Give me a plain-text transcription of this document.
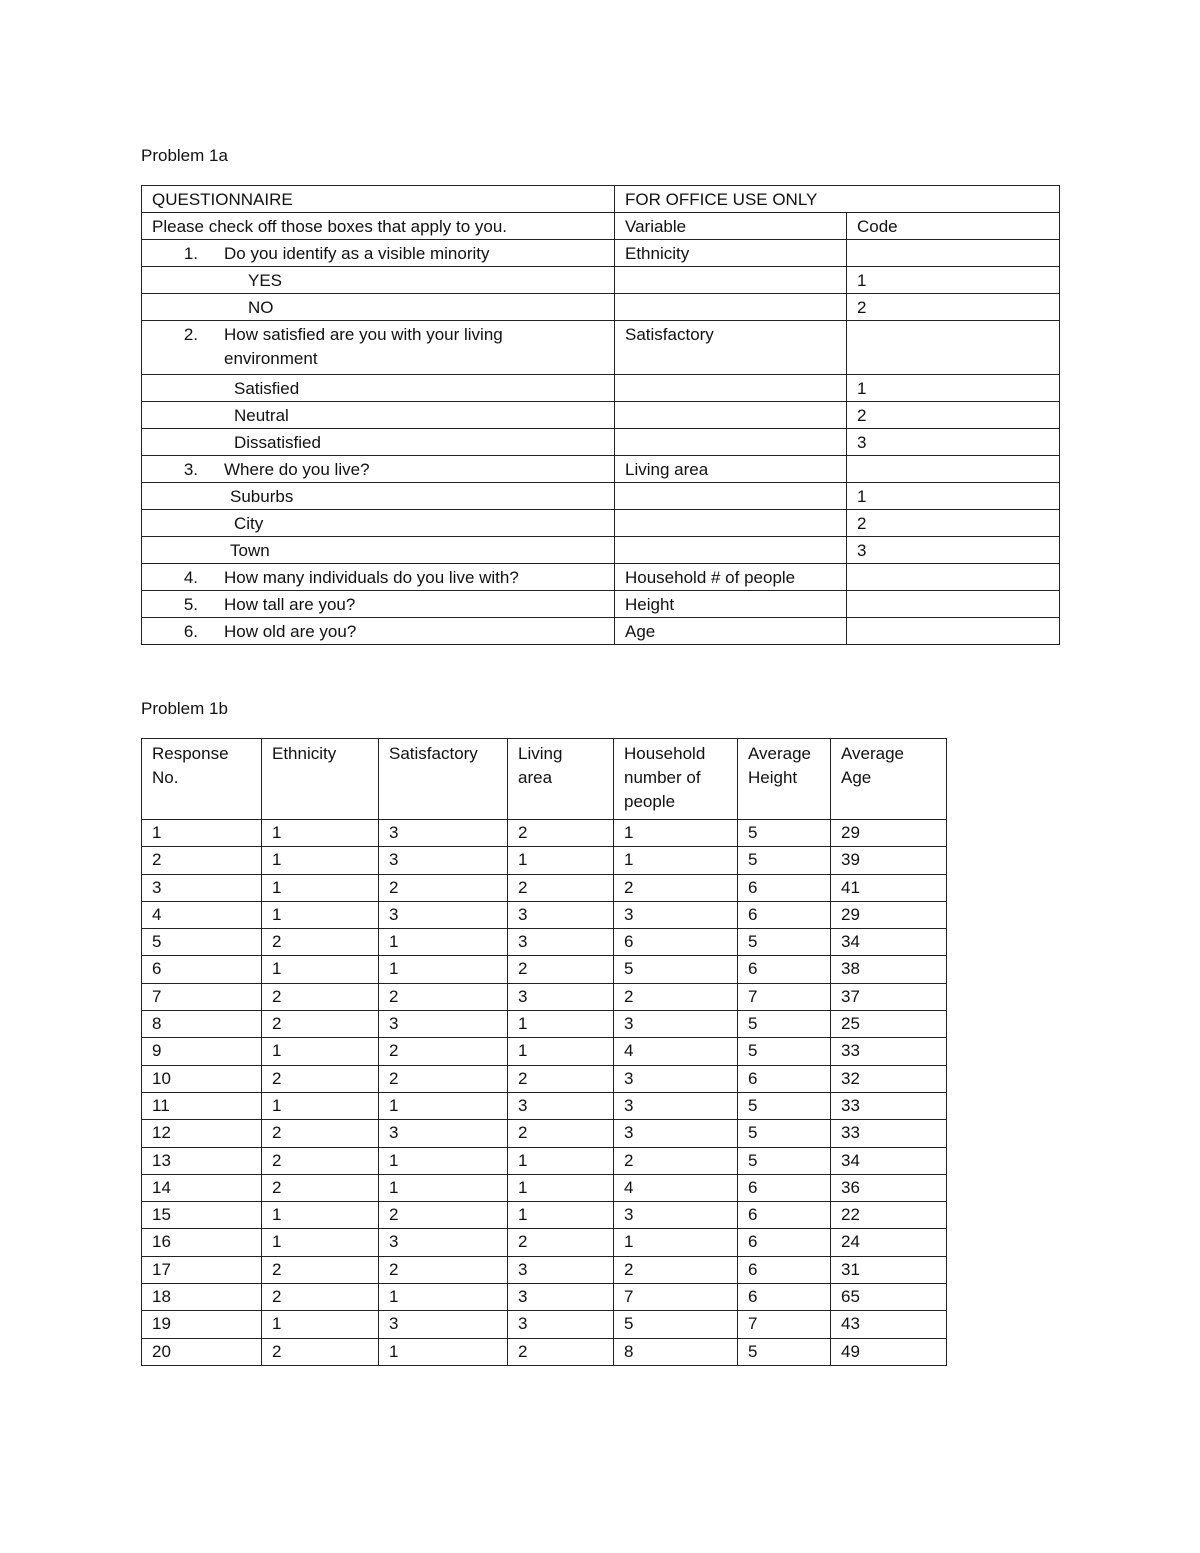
Problem 1a
QUESTIONNAIRE	FOR OFFICE USE ONLY	
Please check off those boxes that apply to you.	Variable	Code

1. Do you identify as a visible minority	Ethnicity	
YES		1
NO		2

2. How satisfied are you with your living environment	Satisfactory	
Satisfied		1
Neutral		2
Dissatisfied		3

3. Where do you live?	Living area	
Suburbs		1
City		2
Town		3

4. How many individuals do you live with?	Household # of people	

5. How tall are you?	Height	

6. How old are you?	Age	
Problem 1b
Response No.	Ethnicity	Satisfactory	Living area	Household number of people	Average Height	Average Age

1	1	3	2	1	5	29
2	1	3	1	1	5	39
3	1	2	2	2	6	41
4	1	3	3	3	6	29
5	2	1	3	6	5	34
6	1	1	2	5	6	38
7	2	2	3	2	7	37
8	2	3	1	3	5	25
9	1	2	1	4	5	33
10	2	2	2	3	6	32
11	1	1	3	3	5	33
12	2	3	2	3	5	33
13	2	1	1	2	5	34
14	2	1	1	4	6	36
15	1	2	1	3	6	22
16	1	3	2	1	6	24
17	2	2	3	2	6	31
18	2	1	3	7	6	65
19	1	3	3	5	7	43
20	2	1	2	8	5	49
